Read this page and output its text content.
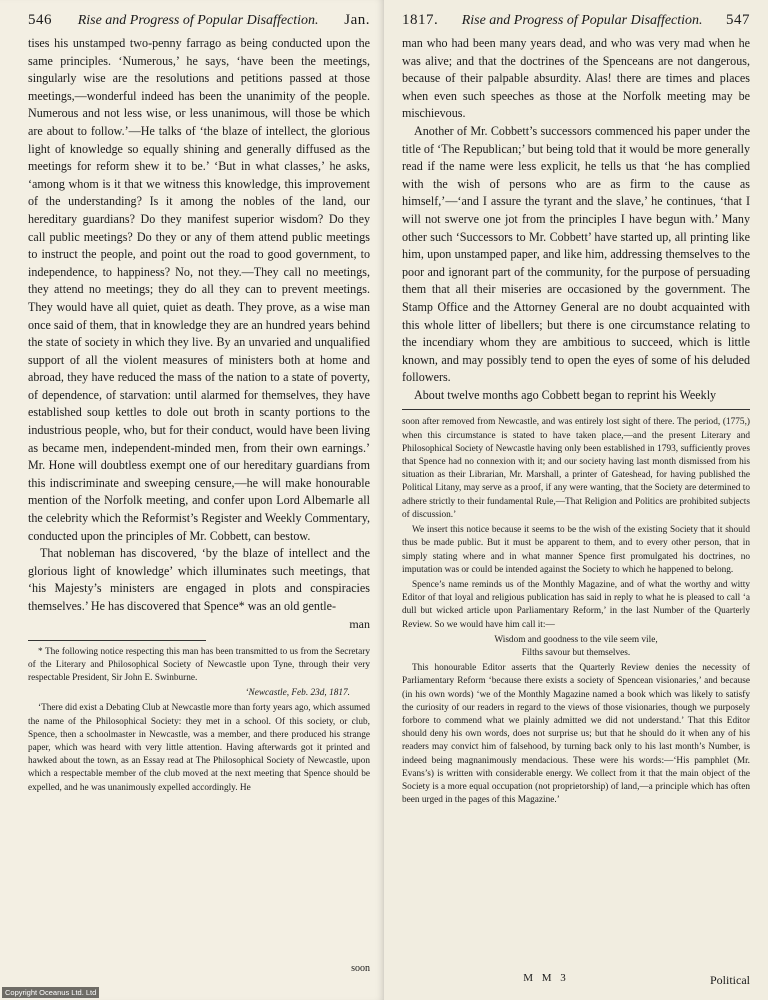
546 Rise and Progress of Popular Disaffection. Jan.

tises his unstamped two-penny farrago as being conducted upon the same principles. ‘Numerous,’ he says, ‘have been the meetings, singularly wise are the resolutions and petitions passed at those meetings,—wonderful indeed has been the unanimity of the people. Numerous and not less wise, or less unanimous, will those be which are about to follow.’—He talks of ‘the blaze of intellect, the glorious light of knowledge so equally shining and generally diffused as the meetings for reform shew it to be.’ ‘But in what classes,’ he asks, ‘among whom is it that we witness this knowledge, this improvement of the understanding? Is it among the nobles of the land, our hereditary guardians? Do they manifest superior wisdom? Do they call public meetings? Do they or any of them attend public meetings to instruct the people, and point out the road to good government, to independence, to happiness? No, not they.—They call no meetings, they attend no meetings; they do all they can to prevent meetings. They would have all quiet, quiet as death. They prove, as a wise man once said of them, that in knowledge they are an hundred years behind the state of society in which they live. By an unvaried and unqualified support of all the violent measures of ministers both at home and abroad, they have reduced the mass of the nation to a state of poverty, of dependence, of starvation: until alarmed for themselves, they have established soup kettles to dole out broth in scanty portions to the industrious people, who, but for their conduct, would have been living as became men, independent-minded men, from their own earnings.’ Mr. Hone will doubtless exempt one of our hereditary guardians from this indiscriminate and sweeping censure,—he will make honourable mention of the Norfolk meeting, and confer upon Lord Albemarle all the celebrity which the Reformist’s Register and Weekly Commentary, conducted upon the principles of Mr. Cobbett, can bestow.

That nobleman has discovered, ‘by the blaze of intellect and the glorious light of knowledge’ which illuminates such meetings, that ‘his Majesty’s ministers are engaged in plots and conspiracies themselves.’ He has discovered that Spence* was an old gentle-

man

* The following notice respecting this man has been transmitted to us from the Secretary of the Literary and Philosophical Society of Newcastle upon Tyne, through their very respectable President, Sir John E. Swinburne.

‘Newcastle, Feb. 23d, 1817.

‘There did exist a Debating Club at Newcastle more than forty years ago, which assumed the name of the Philosophical Society: they met in a school. Of this society, or club, Spence, then a schoolmaster in Newcastle, was a member, and there produced his strange paper, which was heard with very little attention. Having afterwards got it printed and hawked about the town, as an Essay read at The Philosophical Society of Newcastle, upon which a respectable member of the club moved at the next meeting that Spence should be expelled, and he was unanimously expelled accordingly. He

soon
1817. Rise and Progress of Popular Disaffection. 547

man who had been many years dead, and who was very mad when he was alive; and that the doctrines of the Spenceans are not dangerous, because of their palpable absurdity. Alas! there are times and places when even such speeches as those at the Norfolk meeting may be mischievous.

Another of Mr. Cobbett’s successors commenced his paper under the title of ‘The Republican;’ but being told that it would be more generally read if the name were less explicit, he tells us that ‘he has complied with the wish of persons who are as firm to the cause as himself,’—‘and I assure the tyrant and the slave,’ he continues, ‘that I will not swerve one jot from the principles I have begun with.’ Many other such ‘Successors to Mr. Cobbett’ have started up, all printing like him, upon unstamped paper, and like him, addressing themselves to the poor and ignorant part of the community, for the purpose of persuading them that all their miseries are occasioned by the government. The Stamp Office and the Attorney General are no doubt acquainted with this whole litter of libellers; but there is one circumstance relating to the incendiary whom they are ambitious to succeed, which is little known, and may possibly tend to open the eyes of some of his deluded followers.

About twelve months ago Cobbett began to reprint his Weekly

soon after removed from Newcastle, and was entirely lost sight of there. The period, (1775,) when this circumstance is stated to have taken place,—and the present Literary and Philosophical Society of Newcastle having only been established in 1793, sufficiently proves that Spence had no connexion with it; and our society having last month dismissed from his situation as their Librarian, Mr. Marshall, a printer of Gateshead, for having published the Political Litany, may serve as a proof, if any were wanting, that the Society are determined to adhere strictly to their fundamental Rule,—That Religion and Politics are prohibited subjects of discussion.’

We insert this notice because it seems to be the wish of the existing Society that it should thus be made public. But it must be apparent to them, and to every other person, that in simply stating where and in what manner Spence first promulgated his doctrines, no imputation was or could be intended against the Society to which he happened to belong.

Spence’s name reminds us of the Monthly Magazine, and of what the worthy and witty Editor of that loyal and religious publication has said in reply to what he is pleased to call ‘a dull but wicked article upon Parliamentary Reform,’ in the last Number of the Quarterly Review. So we would have him call it:—

Wisdom and goodness to the vile seem vile,
Filths savour but themselves.

This honourable Editor asserts that the Quarterly Review denies the necessity of Parliamentary Reform ‘because there exists a society of Spencean visionaries,’ and because (in his own words) ‘we of the Monthly Magazine named a book which was likely to satisfy the curiosity of our readers in regard to the views of those visionaries, though we purposely forbore to commend what we plainly admitted we did not understand.’ That this Editor should deny his own words, does not surprise us; but that he should do it when any of his readers may convict him of falsehood, by turning back only to his last month’s Number, is indeed being magnanimously mendacious. These were his words:—‘His pamphlet (Mr. Evans’s) is written with considerable energy. We collect from it that the main object of the Society is a more equal occupation (not proprietorship) of land,—a principle which has often been urged in the pages of this Magazine.’

M M 3	Political
Copyright Oceanus Ltd. Ltd
